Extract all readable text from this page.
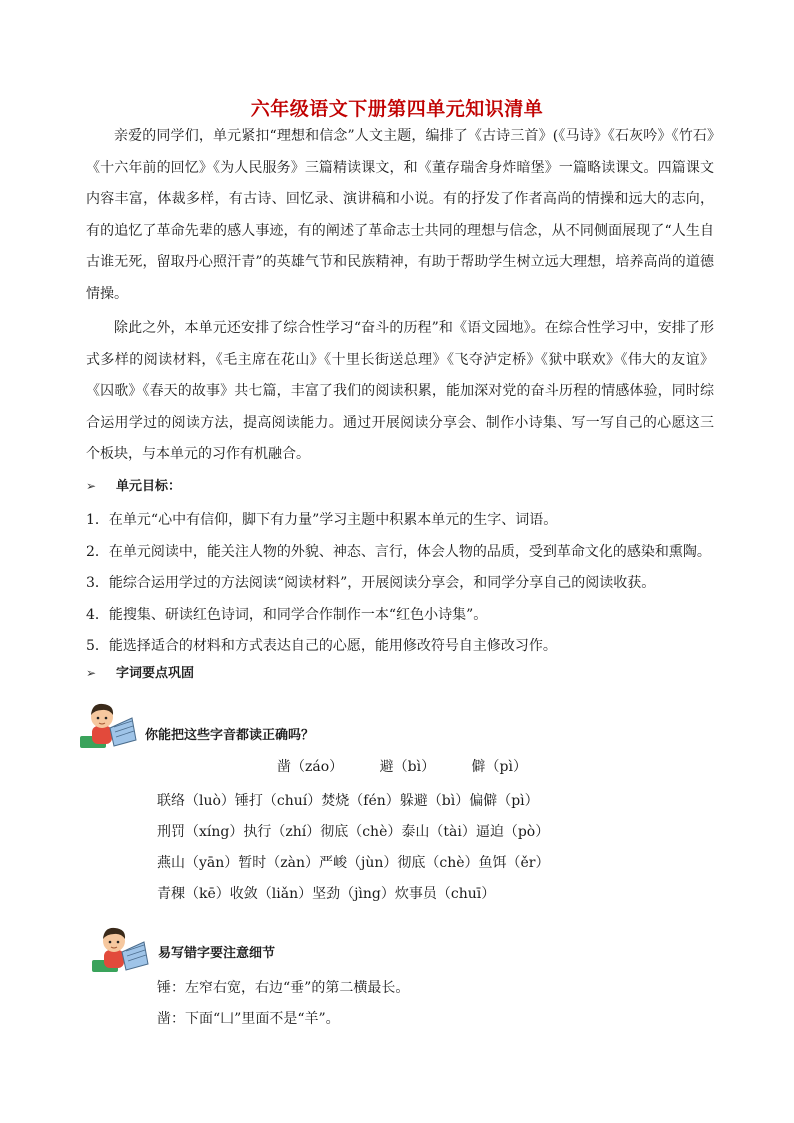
六年级语文下册第四单元知识清单

亲爱的同学们，单元紧扣“理想和信念”人文主题，编排了《古诗三首》(《马诗》《石灰吟》《竹石》《十六年前的回忆》《为人民服务》三篇精读课文，和《董存瑞舍身炸暗堡》一篇略读课文。四篇课文内容丰富，体裁多样，有古诗、回忆录、演讲稿和小说。有的抒发了作者高尚的情操和远大的志向，有的追忆了革命先辈的感人事迹，有的阐述了革命志士共同的理想与信念，从不同侧面展现了“人生自古谁无死，留取丹心照汗青”的英雄气节和民族精神，有助于帮助学生树立远大理想，培养高尚的道德情操。

除此之外，本单元还安排了综合性学习“奋斗的历程”和《语文园地》。在综合性学习中，安排了形式多样的阅读材料，《毛主席在花山》《十里长街送总理》《飞夺泸定桥》《狱中联欢》《伟大的友谊》《囚歌》《春天的故事》共七篇，丰富了我们的阅读积累，能加深对党的奋斗历程的情感体验，同时综合运用学过的阅读方法，提高阅读能力。通过开展阅读分享会、制作小诗集、写一写自己的心愿这三个板块，与本单元的习作有机融合。

➢ 单元目标：
1．在单元“心中有信仰，脚下有力量”学习主题中积累本单元的生字、词语。
2．在单元阅读中，能关注人物的外貌、神态、言行，体会人物的品质，受到革命文化的感染和熏陶。
3．能综合运用学过的方法阅读“阅读材料”，开展阅读分享会，和同学分享自己的阅读收获。
4．能搜集、研读红色诗词，和同学合作制作一本“红色小诗集”。
5．能选择适合的材料和方式表达自己的心愿，能用修改符号自主修改习作。
➢ 字词要点巩固
你能把这些字音都读正确吗？
凿（záo）	避（bì）	僻（pì）
联络（luò）锤打（chuí）焚烧（fén）躲避（bì）偏僻（pì）
刑罚（xíng）执行（zhí）彻底（chè）泰山（tài）逼迫（pò）
燕山（yān）暂时（zàn）严峻（jùn）彻底（chè）鱼饵（ěr）
青稞（kē）收敛（liǎn）坚劲（jìng）炊事员（chuī）
易写错字要注意细节
锤：左窄右宽，右边“垂”的第二横最长。
凿：下面“凵”里面不是“羊”。
